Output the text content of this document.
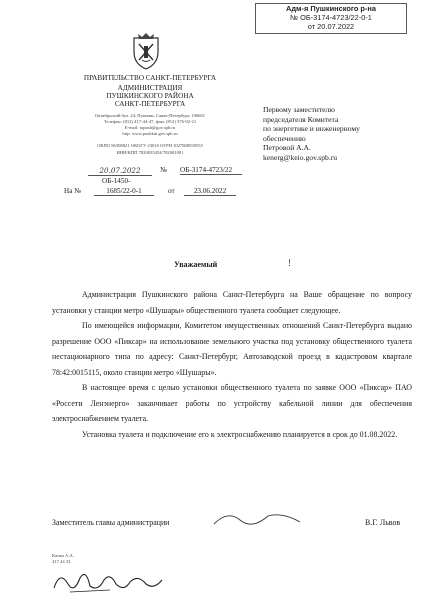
Адм-я Пушкинского р-на
№ ОБ-3174-4723/22-0-1
от 20.07.2022
ПРАВИТЕЛЬСТВО САНКТ-ПЕТЕРБУРГА
АДМИНИСТРАЦИЯ
ПУШКИНСКОГО РАЙОНА
САНКТ-ПЕТЕРБУРГА
Октябрьский бул. 24, Пушкин, Санкт-Петербург, 196601
Телефон: (812) 417-44-47, факс (812) 576-92-21
E-mail: tupush@gov.spb.ru
http: www.pushkin.gov.spb.ru
ОКПО 96308821 ОКОГУ 23010 ОГРН 1027808939555
ИНН/КПП 7820035454/782001001
20.07.2022	№ ОБ-3174-4723/22
ОБ-1450-
На №	1685/22-0-1	от	23.06.2022
Первому заместителю
председателя Комитета
по энергетике и инженерному
обеспечению
Петровой А.А.
kenerg@keio.gov.spb.ru
Уважаемый	!

Администрация Пушкинского района Санкт-Петербурга на Ваше обращение по вопросу установки у станции метро «Шушары» общественного туалета сообщает следующее.

По имеющейся информации, Комитетом имущественных отношений Санкт-Петербурга выдано разрешение ООО «Пиксар» на использование земельного участка под установку общественного туалета нестационарного типа по адресу: Санкт-Петербург, Автозаводской проезд в кадастровом квартале 78:42:0015115, около станции метро «Шушары».

В настоящее время с целью установки общественного туалета по заявке ООО «Пиксар» ПАО «Россети Ленэнерго» заканчивает работы по устройству кабельной линии для обеспечения электроснабжением туалета.

Установка туалета и подключение его к электроснабжению планируется в срок до 01.08.2022.

Заместитель главы администрации	В.Г. Львов
Катин А.А.
417 44 33
